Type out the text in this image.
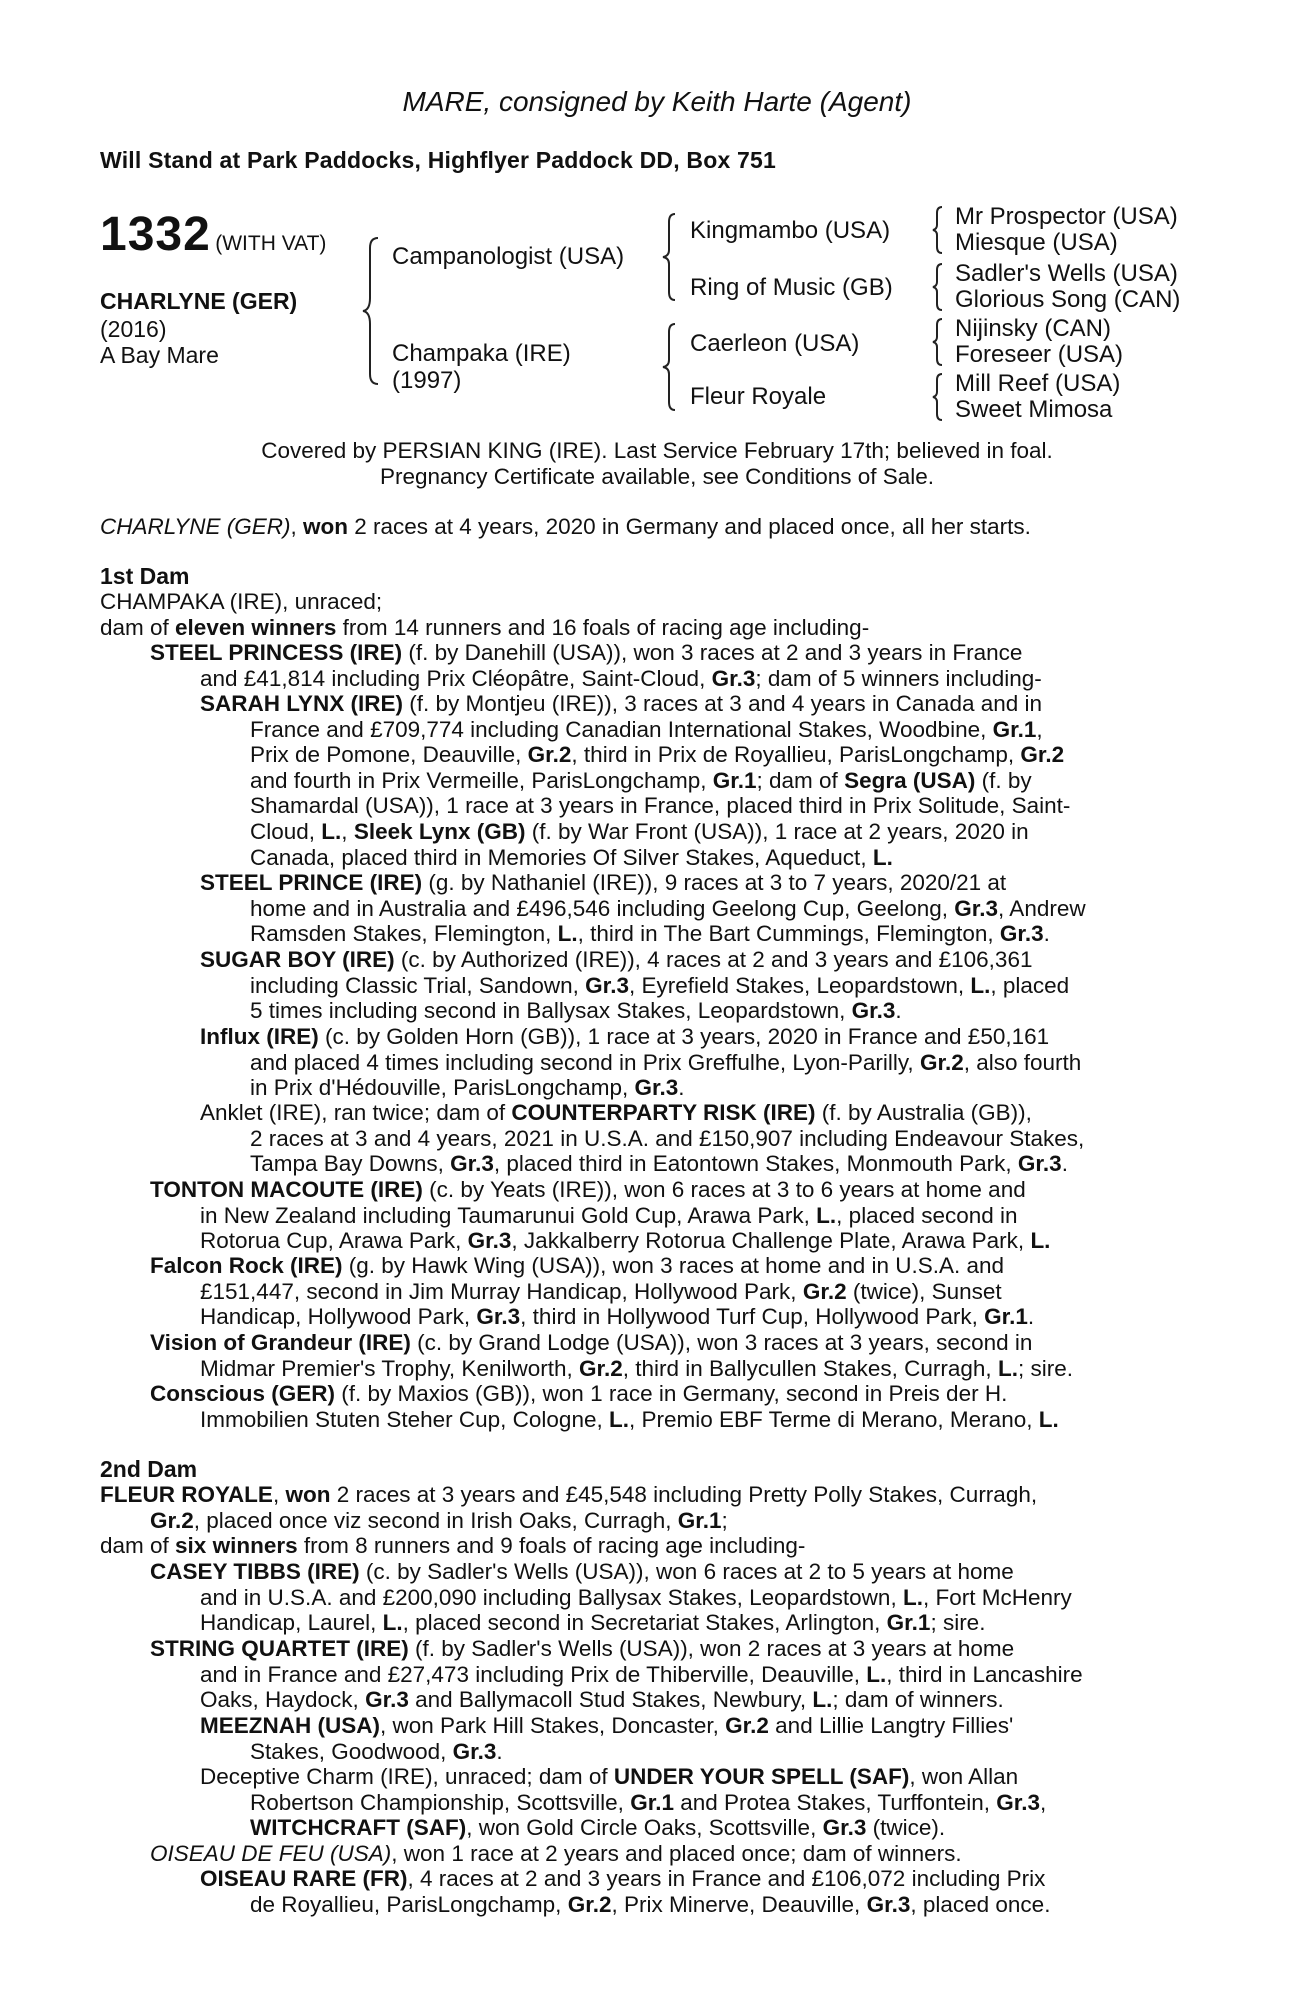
MARE, consigned by Keith Harte (Agent)
Will Stand at Park Paddocks, Highflyer Paddock DD, Box 751
1332 (WITH VAT)
CHARLYNE (GER)
(2016)
A Bay Mare
Campanologist (USA)
Champaka (IRE)
(1997)
Kingmambo (USA)
Ring of Music (GB)
Caerleon (USA)
Fleur Royale
Mr Prospector (USA)
Miesque (USA)
Sadler's Wells (USA)
Glorious Song (CAN)
Nijinsky (CAN)
Foreseer (USA)
Mill Reef (USA)
Sweet Mimosa
Covered by PERSIAN KING (IRE). Last Service February 17th; believed in foal.
Pregnancy Certificate available, see Conditions of Sale.
CHARLYNE (GER), won 2 races at 4 years, 2020 in Germany and placed once, all her starts.
1st Dam
CHAMPAKA (IRE), unraced;
dam of eleven winners from 14 runners and 16 foals of racing age including-
STEEL PRINCESS (IRE) (f. by Danehill (USA)), won 3 races at 2 and 3 years in France
and £41,814 including Prix Cléopâtre, Saint-Cloud, Gr.3; dam of 5 winners including-
SARAH LYNX (IRE) (f. by Montjeu (IRE)), 3 races at 3 and 4 years in Canada and in
France and £709,774 including Canadian International Stakes, Woodbine, Gr.1,
Prix de Pomone, Deauville, Gr.2, third in Prix de Royallieu, ParisLongchamp, Gr.2
and fourth in Prix Vermeille, ParisLongchamp, Gr.1; dam of Segra (USA) (f. by
Shamardal (USA)), 1 race at 3 years in France, placed third in Prix Solitude, Saint-
Cloud, L., Sleek Lynx (GB) (f. by War Front (USA)), 1 race at 2 years, 2020 in
Canada, placed third in Memories Of Silver Stakes, Aqueduct, L.
STEEL PRINCE (IRE) (g. by Nathaniel (IRE)), 9 races at 3 to 7 years, 2020/21 at
home and in Australia and £496,546 including Geelong Cup, Geelong, Gr.3, Andrew
Ramsden Stakes, Flemington, L., third in The Bart Cummings, Flemington, Gr.3.
SUGAR BOY (IRE) (c. by Authorized (IRE)), 4 races at 2 and 3 years and £106,361
including Classic Trial, Sandown, Gr.3, Eyrefield Stakes, Leopardstown, L., placed
5 times including second in Ballysax Stakes, Leopardstown, Gr.3.
Influx (IRE) (c. by Golden Horn (GB)), 1 race at 3 years, 2020 in France and £50,161
and placed 4 times including second in Prix Greffulhe, Lyon-Parilly, Gr.2, also fourth
in Prix d'Hédouville, ParisLongchamp, Gr.3.
Anklet (IRE), ran twice; dam of COUNTERPARTY RISK (IRE) (f. by Australia (GB)),
2 races at 3 and 4 years, 2021 in U.S.A. and £150,907 including Endeavour Stakes,
Tampa Bay Downs, Gr.3, placed third in Eatontown Stakes, Monmouth Park, Gr.3.
TONTON MACOUTE (IRE) (c. by Yeats (IRE)), won 6 races at 3 to 6 years at home and
in New Zealand including Taumarunui Gold Cup, Arawa Park, L., placed second in
Rotorua Cup, Arawa Park, Gr.3, Jakkalberry Rotorua Challenge Plate, Arawa Park, L.
Falcon Rock (IRE) (g. by Hawk Wing (USA)), won 3 races at home and in U.S.A. and
£151,447, second in Jim Murray Handicap, Hollywood Park, Gr.2 (twice), Sunset
Handicap, Hollywood Park, Gr.3, third in Hollywood Turf Cup, Hollywood Park, Gr.1.
Vision of Grandeur (IRE) (c. by Grand Lodge (USA)), won 3 races at 3 years, second in
Midmar Premier's Trophy, Kenilworth, Gr.2, third in Ballycullen Stakes, Curragh, L.; sire.
Conscious (GER) (f. by Maxios (GB)), won 1 race in Germany, second in Preis der H.
Immobilien Stuten Steher Cup, Cologne, L., Premio EBF Terme di Merano, Merano, L.
2nd Dam
FLEUR ROYALE, won 2 races at 3 years and £45,548 including Pretty Polly Stakes, Curragh,
Gr.2, placed once viz second in Irish Oaks, Curragh, Gr.1;
dam of six winners from 8 runners and 9 foals of racing age including-
CASEY TIBBS (IRE) (c. by Sadler's Wells (USA)), won 6 races at 2 to 5 years at home
and in U.S.A. and £200,090 including Ballysax Stakes, Leopardstown, L., Fort McHenry
Handicap, Laurel, L., placed second in Secretariat Stakes, Arlington, Gr.1; sire.
STRING QUARTET (IRE) (f. by Sadler's Wells (USA)), won 2 races at 3 years at home
and in France and £27,473 including Prix de Thiberville, Deauville, L., third in Lancashire
Oaks, Haydock, Gr.3 and Ballymacoll Stud Stakes, Newbury, L.; dam of winners.
MEEZNAH (USA), won Park Hill Stakes, Doncaster, Gr.2 and Lillie Langtry Fillies'
Stakes, Goodwood, Gr.3.
Deceptive Charm (IRE), unraced; dam of UNDER YOUR SPELL (SAF), won Allan
Robertson Championship, Scottsville, Gr.1 and Protea Stakes, Turffontein, Gr.3,
WITCHCRAFT (SAF), won Gold Circle Oaks, Scottsville, Gr.3 (twice).
OISEAU DE FEU (USA), won 1 race at 2 years and placed once; dam of winners.
OISEAU RARE (FR), 4 races at 2 and 3 years in France and £106,072 including Prix
de Royallieu, ParisLongchamp, Gr.2, Prix Minerve, Deauville, Gr.3, placed once.
